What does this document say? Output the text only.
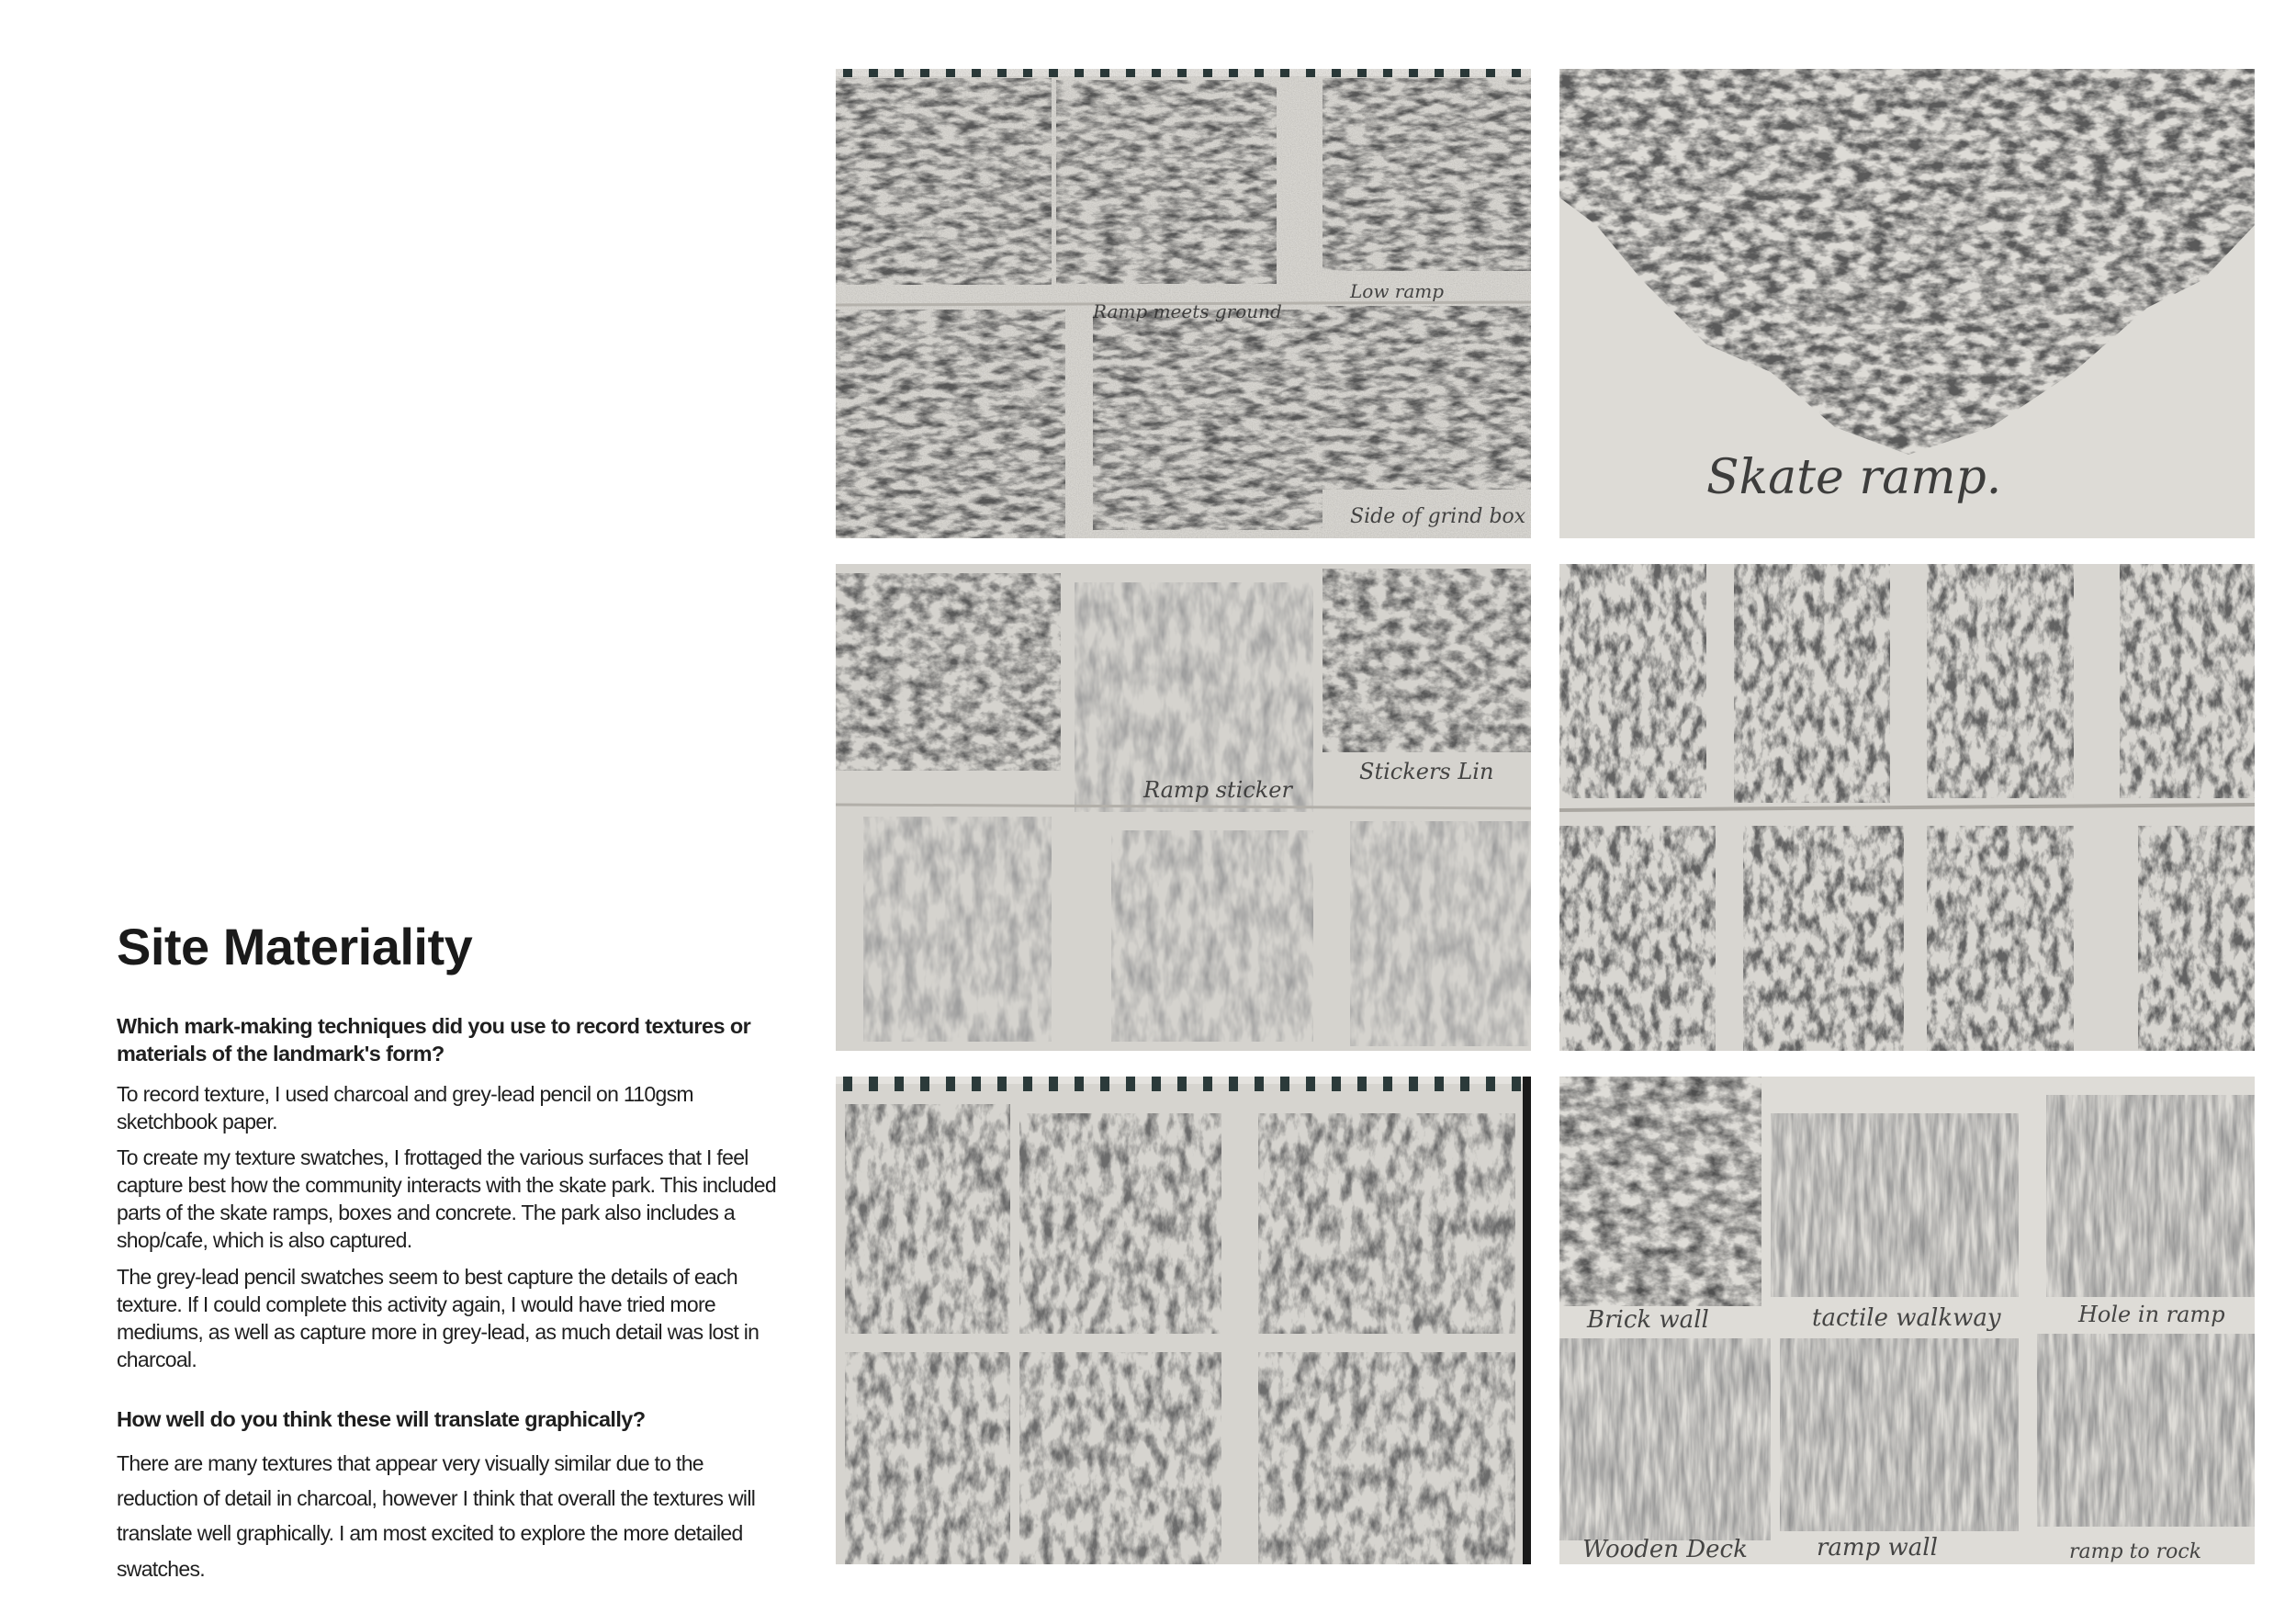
Site Materiality

Which mark-making techniques did you use to record textures or materials of the landmark's form?

To record texture, I used charcoal and grey-lead pencil on 110gsm sketchbook paper.

To create my texture swatches, I frottaged the various surfaces that I feel capture best how the community interacts with the skate park. This included parts of the skate ramps, boxes and concrete. The park also includes a shop/cafe, which is also captured.

The grey-lead pencil swatches seem to best capture the details of each texture. If I could complete this activity again, I would have tried more mediums, as well as capture more in grey-lead, as much detail was lost in charcoal.

How well do you think these will translate graphically?

There are many textures that appear very visually similar due to the reduction of detail in charcoal, however I think that overall the textures will translate well graphically. I am most excited to explore the more detailed swatches.

Ramp meets ground
Low ramp
Side of grind box
Skate ramp.
Ramp sticker
Stickers Lin
Brick wall	tactile walkway	Hole in ramp
Wooden Deck	ramp wall	ramp to rock
